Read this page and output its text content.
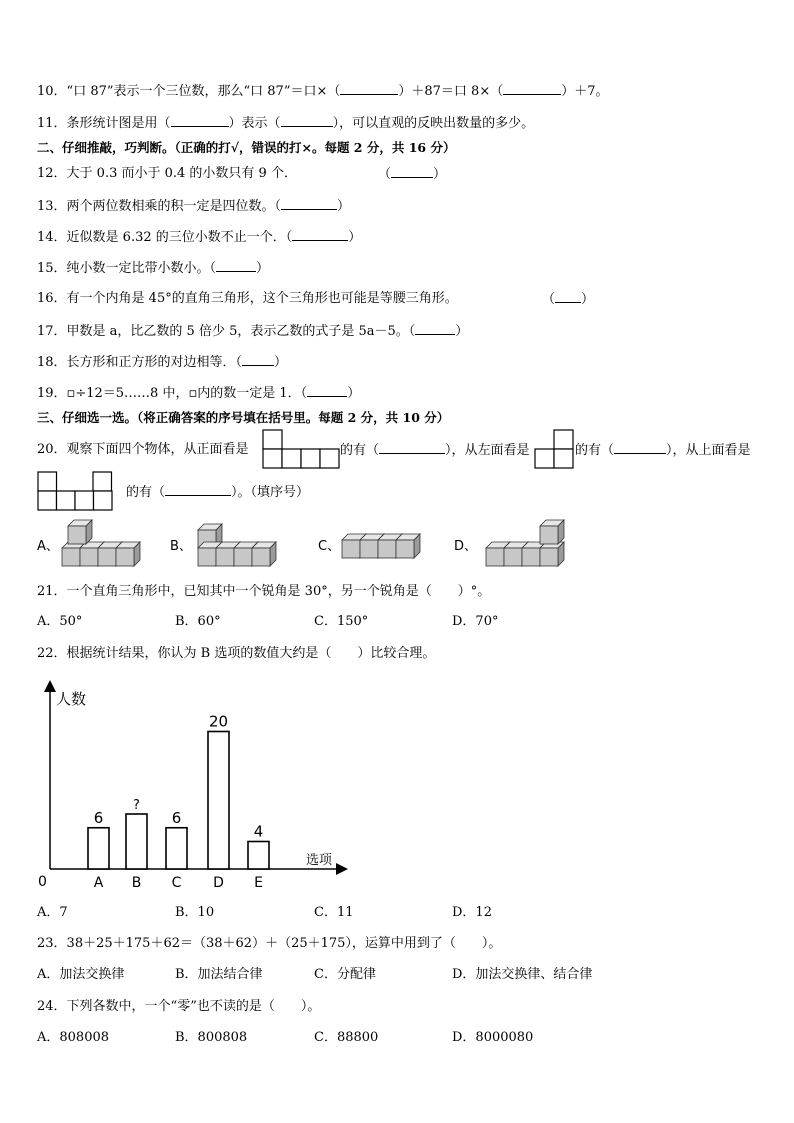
10．“口 87”表示一个三位数，那么“口 87”＝口×（	）＋87＝口 8×（	）＋7。
11．条形统计图是用（	）表示（	），可以直观的反映出数量的多少。
二、仔细推敲，巧判断。（正确的打√，错误的打×。每题 2 分，共 16 分）
12．大于 0.3 而小于 0.4 的小数只有 9 个．	（	）
13．两个两位数相乘的积一定是四位数。（	）
14．近似数是 6.32 的三位小数不止一个．（	）
15．纯小数一定比带小数小。（	）
16．有一个内角是 45°的直角三角形，这个三角形也可能是等腰三角形。	（ ）
17．甲数是 a，比乙数的 5 倍少 5，表示乙数的式子是 5a－5。（	）
18．长方形和正方形的对边相等．（ ）
19．▫÷12＝5……8 中，▫内的数一定是 1．（	）
三、仔细选一选。（将正确答案的序号填在括号里。每题 2 分，共 10 分）
20．观察下面四个物体，从正面看是	的有（	），从左面看是	的有（	），从上面看是
的有（	）。（填序号）
A、	B、	C、	D、
21．一个直角三角形中，已知其中一个锐角是 30°，另一个锐角是（　　）°。
A．50°	B．60°	C．150°	D．70°
22．根据统计结果，你认为 B 选项的数值大约是（　　）比较合理。
人数
选项
0
6
A
?
B
6
C
20
D
4
E
A．7	B．10	C．11	D．12
23．38＋25＋175＋62＝（38＋62）＋（25＋175），运算中用到了（　　）。
A．加法交换律	B．加法结合律	C．分配律	D．加法交换律、结合律
24．下列各数中，一个“零”也不读的是（　　）。
A．808008	B．800808	C．88800	D．8000080
